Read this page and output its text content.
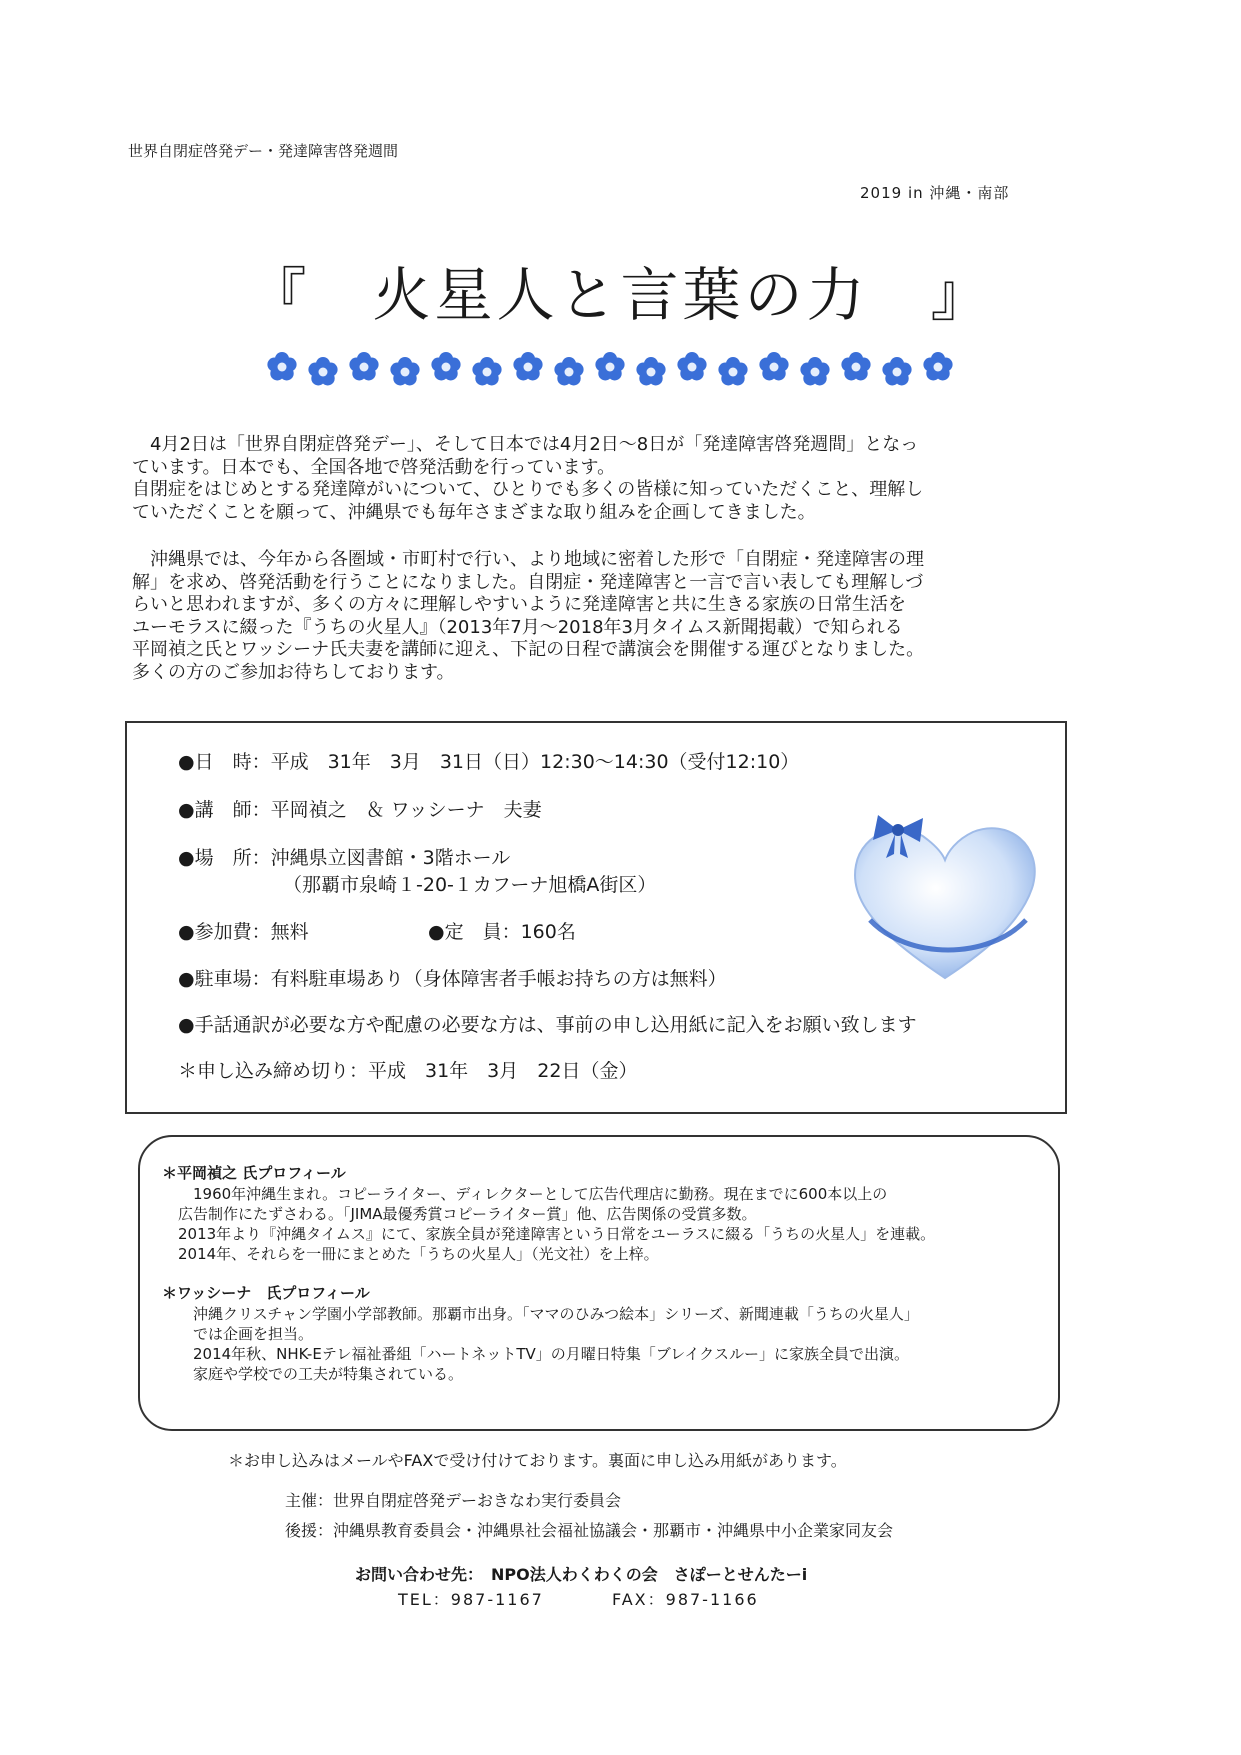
世界自閉症啓発デー・発達障害啓発週間
2019 in 沖縄・南部
『　火星人と言葉の力　』
　4月2日は「世界自閉症啓発デー」、そして日本では4月2日〜8日が「発達障害啓発週間」となっ
ています。日本でも、全国各地で啓発活動を行っています。
自閉症をはじめとする発達障がいについて、ひとりでも多くの皆様に知っていただくこと、理解し
ていただくことを願って、沖縄県でも毎年さまざまな取り組みを企画してきました。
　沖縄県では、今年から各圏域・市町村で行い、より地域に密着した形で「自閉症・発達障害の理
解」を求め、啓発活動を行うことになりました。自閉症・発達障害と一言で言い表しても理解しづ
らいと思われますが、多くの方々に理解しやすいように発達障害と共に生きる家族の日常生活を
ユーモラスに綴った『うちの火星人』（2013年7月〜2018年3月タイムス新聞掲載）で知られる
平岡禎之氏とワッシーナ氏夫妻を講師に迎え、下記の日程で講演会を開催する運びとなりました。
多くの方のご参加お待ちしております。
●日　時：平成　31年　3月　31日（日）12:30〜14:30（受付12:10）
●講　師：平岡禎之　＆ ワッシーナ　夫妻
●場　所：沖縄県立図書館・3階ホール
（那覇市泉崎１-20-１カフーナ旭橋A街区）
●参加費：無料	●定　員：160名
●駐車場：有料駐車場あり（身体障害者手帳お持ちの方は無料）
●手話通訳が必要な方や配慮の必要な方は、事前の申し込用紙に記入をお願い致します
＊申し込み締め切り：平成　31年　3月　22日（金）
＊平岡禎之 氏プロフィール
　1960年沖縄生まれ。コピーライター、ディレクターとして広告代理店に勤務。現在までに600本以上の
広告制作にたずさわる。「JIMA最優秀賞コピーライター賞」他、広告関係の受賞多数。
2013年より『沖縄タイムス』にて、家族全員が発達障害という日常をユーラスに綴る「うちの火星人」を連載。
2014年、それらを一冊にまとめた「うちの火星人」（光文社）を上梓。
＊ワッシーナ　氏プロフィール
　沖縄クリスチャン学園小学部教師。那覇市出身。「ママのひみつ絵本」シリーズ、新聞連載「うちの火星人」
　では企画を担当。
　2014年秋、NHK-Eテレ福祉番組「ハートネットTV」の月曜日特集「ブレイクスルー」に家族全員で出演。
　家庭や学校での工夫が特集されている。
＊お申し込みはメールやFAXで受け付けております。裏面に申し込み用紙があります。
主催：世界自閉症啓発デーおきなわ実行委員会
後援：沖縄県教育委員会・沖縄県社会福祉協議会・那覇市・沖縄県中小企業家同友会
お問い合わせ先：　NPO法人わくわくの会　さぽーとせんたーi
TEL：987-1167	FAX：987-1166
